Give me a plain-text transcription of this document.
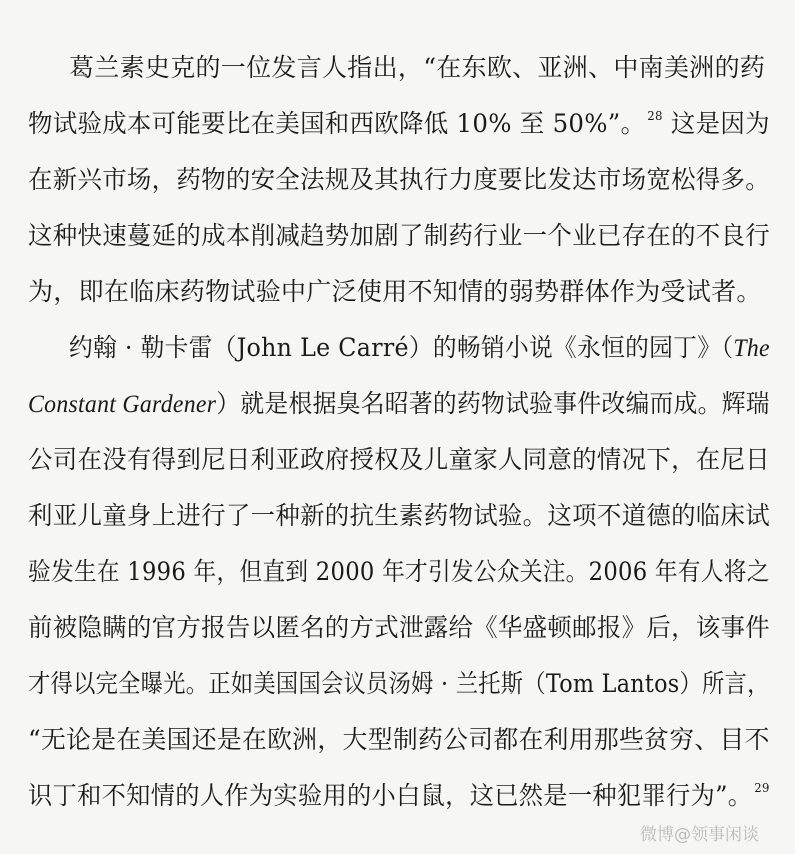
葛兰素史克的一位发言人指出，“在东欧、亚洲、中南美洲的药
物试验成本可能要比在美国和西欧降低 10% 至 50%”。 $^{28}$ 这是因为
在新兴市场，药物的安全法规及其执行力度要比发达市场宽松得多。
这种快速蔓延的成本削减趋势加剧了制药行业一个业已存在的不良行
为，即在临床药物试验中广泛使用不知情的弱势群体作为受试者。
约翰 · 勒卡雷（John Le Carré）的畅销小说《永恒的园丁》（The
Constant Gardener）就是根据臭名昭著的药物试验事件改编而成。辉瑞
公司在没有得到尼日利亚政府授权及儿童家人同意的情况下，在尼日
利亚儿童身上进行了一种新的抗生素药物试验。这项不道德的临床试
验发生在 1996 年，但直到 2000 年才引发公众关注。2006 年有人将之
前被隐瞒的官方报告以匿名的方式泄露给《华盛顿邮报》后，该事件
才得以完全曝光。正如美国国会议员汤姆 · 兰托斯（Tom Lantos）所言，
“无论是在美国还是在欧洲，大型制药公司都在利用那些贫穷、目不
识丁和不知情的人作为实验用的小白鼠，这已然是一种犯罪行为”。 $^{29}$
微博@领事闲谈
